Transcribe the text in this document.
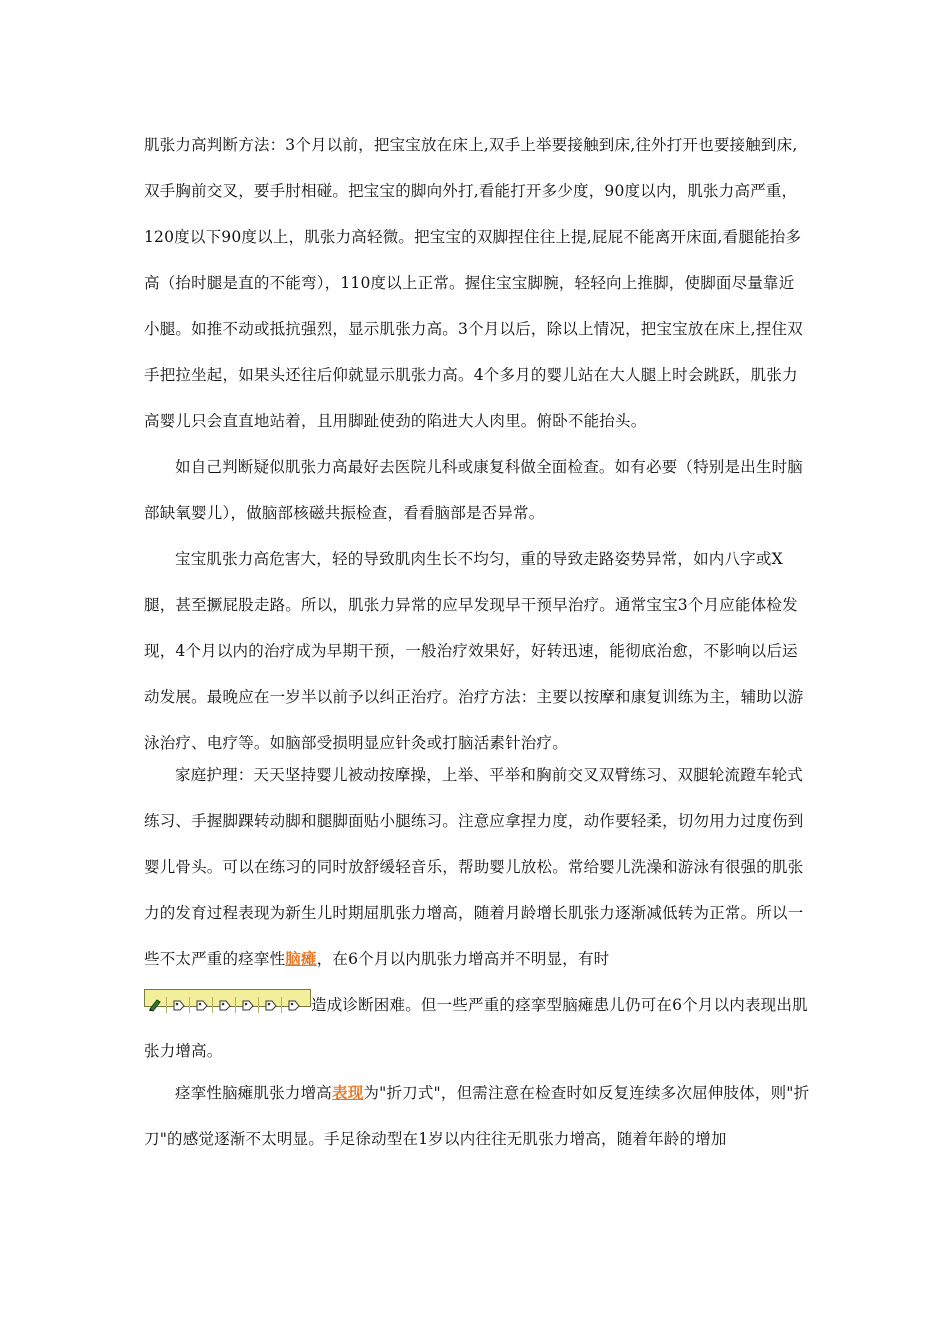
肌张力高判断方法：3个月以前，把宝宝放在床上,双手上举要接触到床,往外打开也要接触到床,双手胸前交叉，要手肘相碰。把宝宝的脚向外打,看能打开多少度，90度以内，肌张力高严重，120度以下90度以上，肌张力高轻微。把宝宝的双脚捏住往上提,屁屁不能离开床面,看腿能抬多高（抬时腿是直的不能弯），110度以上正常。握住宝宝脚腕，轻轻向上推脚，使脚面尽量靠近小腿。如推不动或抵抗强烈，显示肌张力高。3个月以后，除以上情况，把宝宝放在床上,捏住双手把拉坐起，如果头还往后仰就显示肌张力高。4个多月的婴儿站在大人腿上时会跳跃，肌张力高婴儿只会直直地站着，且用脚趾使劲的陷进大人肉里。俯卧不能抬头。
如自己判断疑似肌张力高最好去医院儿科或康复科做全面检查。如有必要（特别是出生时脑部缺氧婴儿），做脑部核磁共振检查，看看脑部是否异常。
宝宝肌张力高危害大，轻的导致肌肉生长不均匀，重的导致走路姿势异常，如内八字或X腿，甚至撅屁股走路。所以，肌张力异常的应早发现早干预早治疗。通常宝宝3个月应能体检发现，4个月以内的治疗成为早期干预，一般治疗效果好，好转迅速，能彻底治愈，不影响以后运动发展。最晚应在一岁半以前予以纠正治疗。治疗方法：主要以按摩和康复训练为主，辅助以游泳治疗、电疗等。如脑部受损明显应针灸或打脑活素针治疗。
家庭护理：天天坚持婴儿被动按摩操，上举、平举和胸前交叉双臂练习、双腿轮流蹬车轮式练习、手握脚踝转动脚和腿脚面贴小腿练习。注意应拿捏力度，动作要轻柔，切勿用力过度伤到婴儿骨头。可以在练习的同时放舒缓轻音乐，帮助婴儿放松。常给婴儿洗澡和游泳有很强的肌张力的发育过程表现为新生儿时期屈肌张力增高，随着月龄增长肌张力逐渐减低转为正常。所以一些不太严重的痉挛性脑瘫，在6个月以内肌张力增高并不明显，有时

造成诊断困难。但一些严重的痉挛型脑瘫患儿仍可在6个月以内表现出肌张力增高。
痉挛性脑瘫肌张力增高表现为"折刀式"，但需注意在检查时如反复连续多次屈伸肢体，则"折刀"的感觉逐渐不太明显。手足徐动型在1岁以内往往无肌张力增高，随着年龄的增加
